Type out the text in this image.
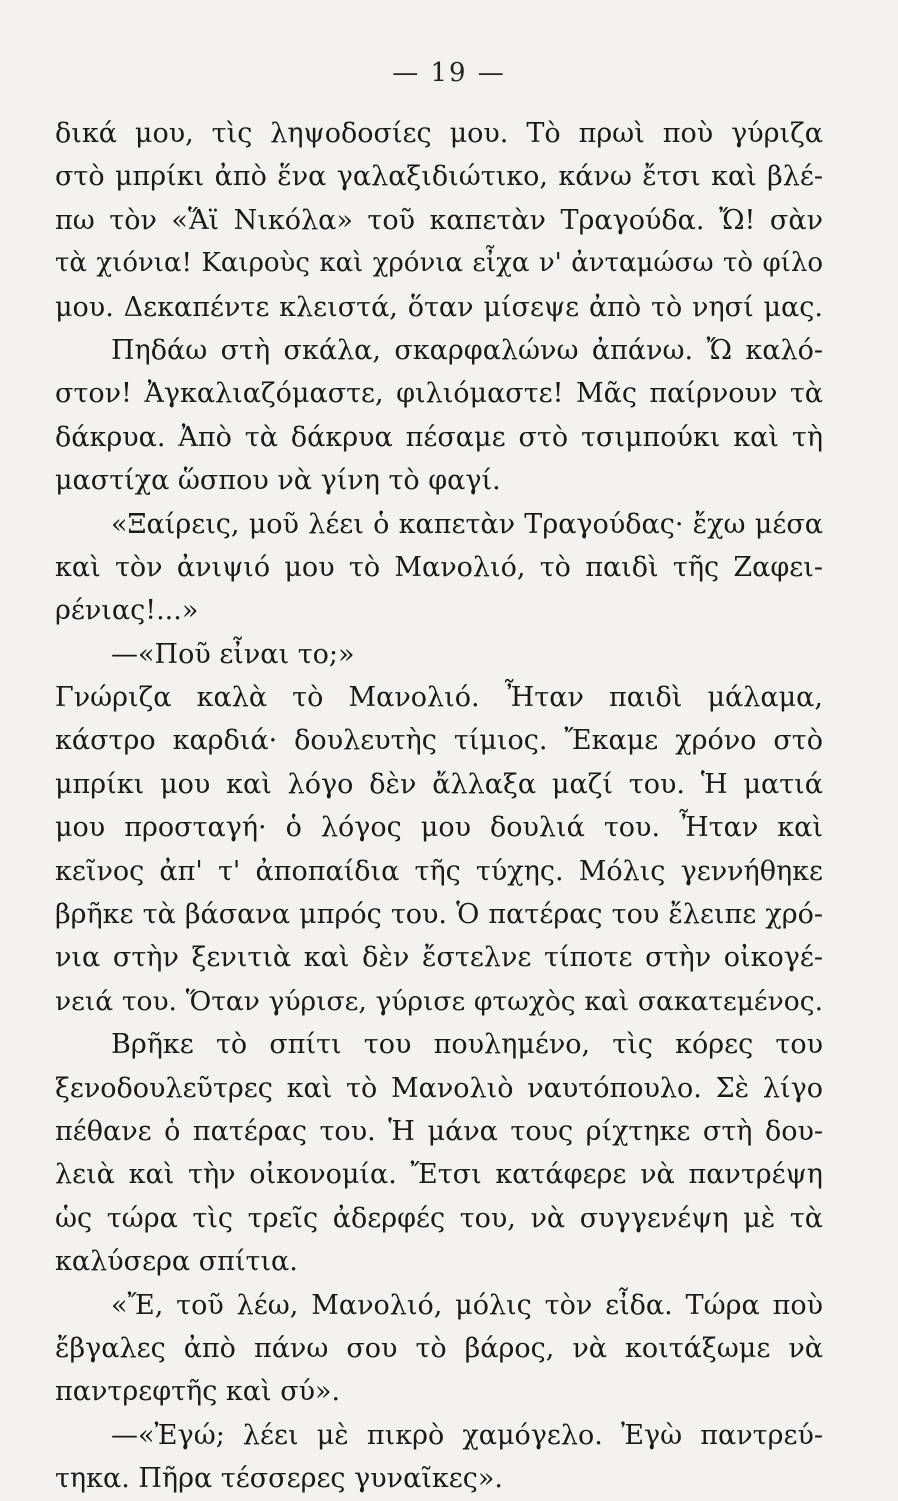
— 19 —
δικά μου, τὶς ληψοδοσίες μου. Τὸ πρωὶ ποὺ γύριζα
στὸ μπρίκι ἀπὸ ἕνα γαλαξιδιώτικο, κάνω ἔτσι καὶ βλέ-
πω τὸν «Ἅϊ Νικόλα» τοῦ καπετὰν Τραγούδα. Ὤ! σὰν
τὰ χιόνια! Καιροὺς καὶ χρόνια εἶχα ν' ἀνταμώσω τὸ φίλο
μου. Δεκαπέντε κλειστά, ὅταν μίσεψε ἀπὸ τὸ νησί μας.
Πηδάω στὴ σκάλα, σκαρφαλώνω ἀπάνω. Ὤ καλό-
στον! Ἀγκαλιαζόμαστε, φιλιόμαστε! Μᾶς παίρνουν τὰ
δάκρυα. Ἀπὸ τὰ δάκρυα πέσαμε στὸ τσιμπούκι καὶ τὴ
μαστίχα ὥσπου νὰ γίνη τὸ φαγί.
«Ξαίρεις, μοῦ λέει ὁ καπετὰν Τραγούδας· ἔχω μέσα
καὶ τὸν ἀνιψιό μου τὸ Μανολιό, τὸ παιδὶ τῆς Ζαφει-
ρένιας!...»
—«Ποῦ εἶναι το;»
Γνώριζα καλὰ τὸ Μανολιό. Ἦταν παιδὶ μάλαμα,
κάστρο καρδιά· δουλευτὴς τίμιος. Ἔκαμε χρόνο στὸ
μπρίκι μου καὶ λόγο δὲν ἄλλαξα μαζί του. Ἡ ματιά
μου προσταγή· ὁ λόγος μου δουλιά του. Ἦταν καὶ
κεῖνος ἀπ' τ' ἀποπαίδια τῆς τύχης. Μόλις γεννήθηκε
βρῆκε τὰ βάσανα μπρός του. Ὁ πατέρας του ἔλειπε χρό-
νια στὴν ξενιτιὰ καὶ δὲν ἔστελνε τίποτε στὴν οἰκογέ-
νειά του. Ὅταν γύρισε, γύρισε φτωχὸς καὶ σακατεμένος.
Βρῆκε τὸ σπίτι του πουλημένο, τὶς κόρες του
ξενοδουλεῦτρες καὶ τὸ Μανολιὸ ναυτόπουλο. Σὲ λίγο
πέθανε ὁ πατέρας του. Ἡ μάνα τους ρίχτηκε στὴ δου-
λειὰ καὶ τὴν οἰκονομία. Ἔτσι κατάφερε νὰ παντρέψη
ὡς τώρα τὶς τρεῖς ἀδερφές του, νὰ συγγενέψη μὲ τὰ
καλύσερα σπίτια.
«Ἔ, τοῦ λέω, Μανολιό, μόλις τὸν εἶδα. Τώρα ποὺ
ἔβγαλες ἀπὸ πάνω σου τὸ βάρος, νὰ κοιτάξωμε νὰ
παντρεφτῆς καὶ σύ».
—«Ἐγώ; λέει μὲ πικρὸ χαμόγελο. Ἐγὼ παντρεύ-
τηκα. Πῆρα τέσσερες γυναῖκες».
